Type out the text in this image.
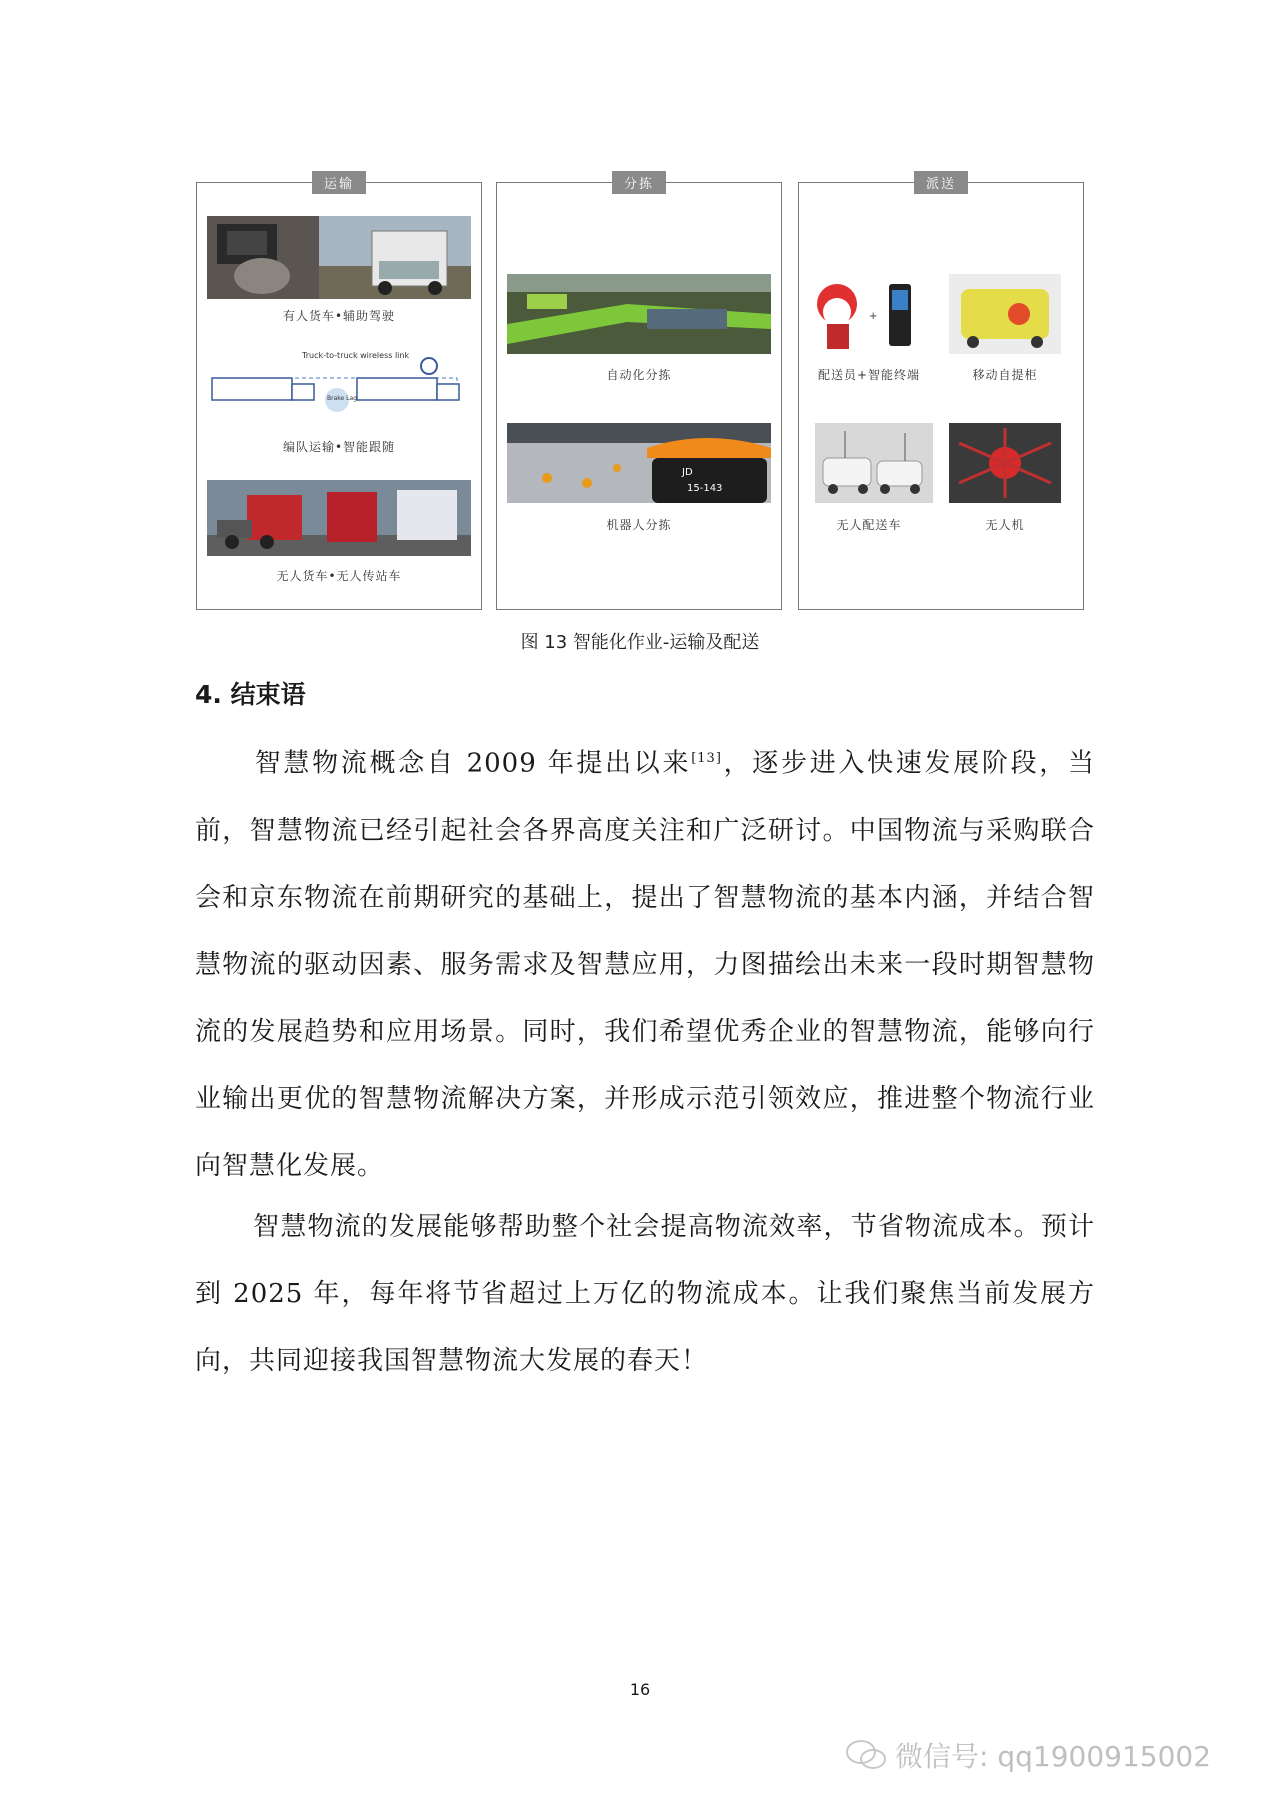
运输
有人货车•辅助驾驶
Truck-to-truck wireless link
Brake Lag
编队运输•智能跟随
无人货车•无人传站车
分拣
自动化分拣
JD
15-143
机器人分拣
派送
+
配送员+智能终端	移动自提柜
无人配送车	无人机
图 13 智能化作业-运输及配送
4. 结束语

智慧物流概念自 2009 年提出以来[13]，逐步进入快速发展阶段，当前，智慧物流已经引起社会各界高度关注和广泛研讨。中国物流与采购联合会和京东物流在前期研究的基础上，提出了智慧物流的基本内涵，并结合智慧物流的驱动因素、服务需求及智慧应用，力图描绘出未来一段时期智慧物流的发展趋势和应用场景。同时，我们希望优秀企业的智慧物流，能够向行业输出更优的智慧物流解决方案，并形成示范引领效应，推进整个物流行业向智慧化发展。

智慧物流的发展能够帮助整个社会提高物流效率，节省物流成本。预计到 2025 年，每年将节省超过上万亿的物流成本。让我们聚焦当前发展方向，共同迎接我国智慧物流大发展的春天！

16
微信号: qq1900915002
